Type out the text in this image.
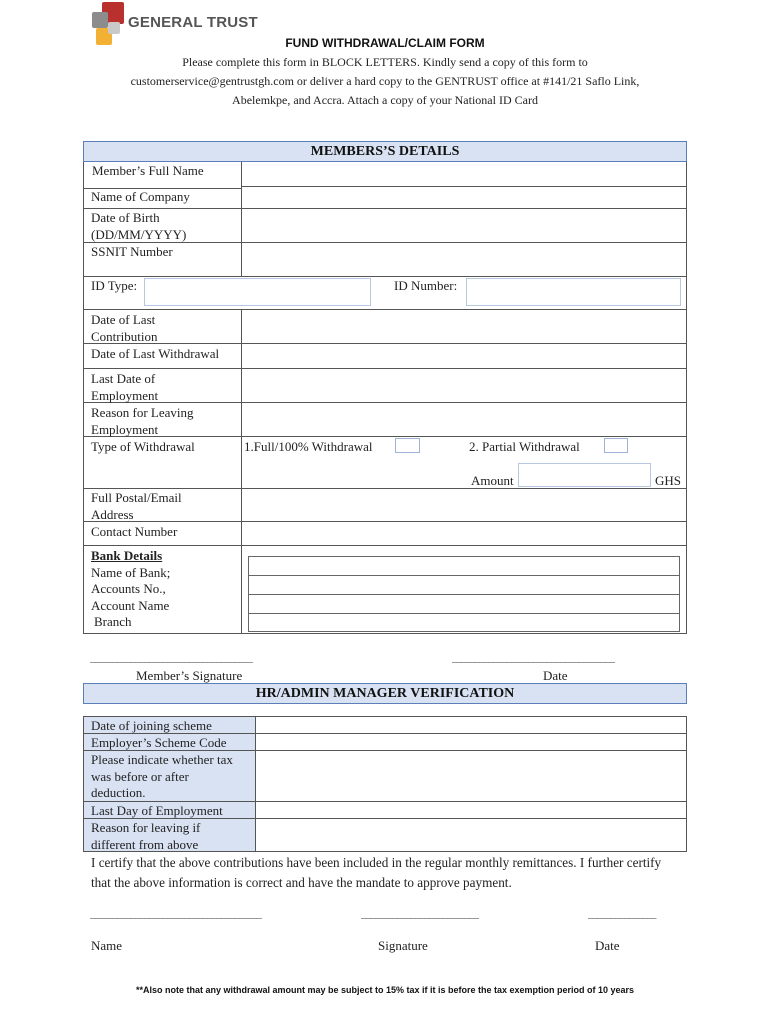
GENERAL TRUST
FUND WITHDRAWAL/CLAIM FORM
Please complete this form in BLOCK LETTERS. Kindly send a copy of this form to
customerservice@gentrustgh.com or deliver a hard copy to the GENTRUST office at #141/21 Saflo Link,
Abelemkpe, and Accra. Attach a copy of your National ID Card
MEMBERS’S DETAILS
Member’s Full Name
Name of Company
Date of Birth (DD/MM/YYYY)
SSNIT Number
ID Type:	ID Number:
Date of Last Contribution
Date of Last Withdrawal
Last Date of Employment
Reason for Leaving Employment
Type of Withdrawal	1.Full/100% Withdrawal	2. Partial Withdrawal
Amount	GHS
Full Postal/Email Address
Contact Number
Bank Details
Name of Bank;
Accounts No.,
Account Name
Branch
____________________________________	____________________________________
Member’s Signature	Date
HR/ADMIN MANAGER VERIFICATION
Date of joining scheme
Employer’s Scheme Code
Please indicate whether tax was before or after deduction.
Last Day of Employment
Reason for leaving if different from above
I certify that the above contributions have been included in the regular monthly remittances. I further certify that the above information is correct and have the mandate to approve payment.
______________________________________	__________________________	_______________
Name	Signature	Date
**Also note that any withdrawal amount may be subject to 15% tax if it is before the tax exemption period of 10 years
